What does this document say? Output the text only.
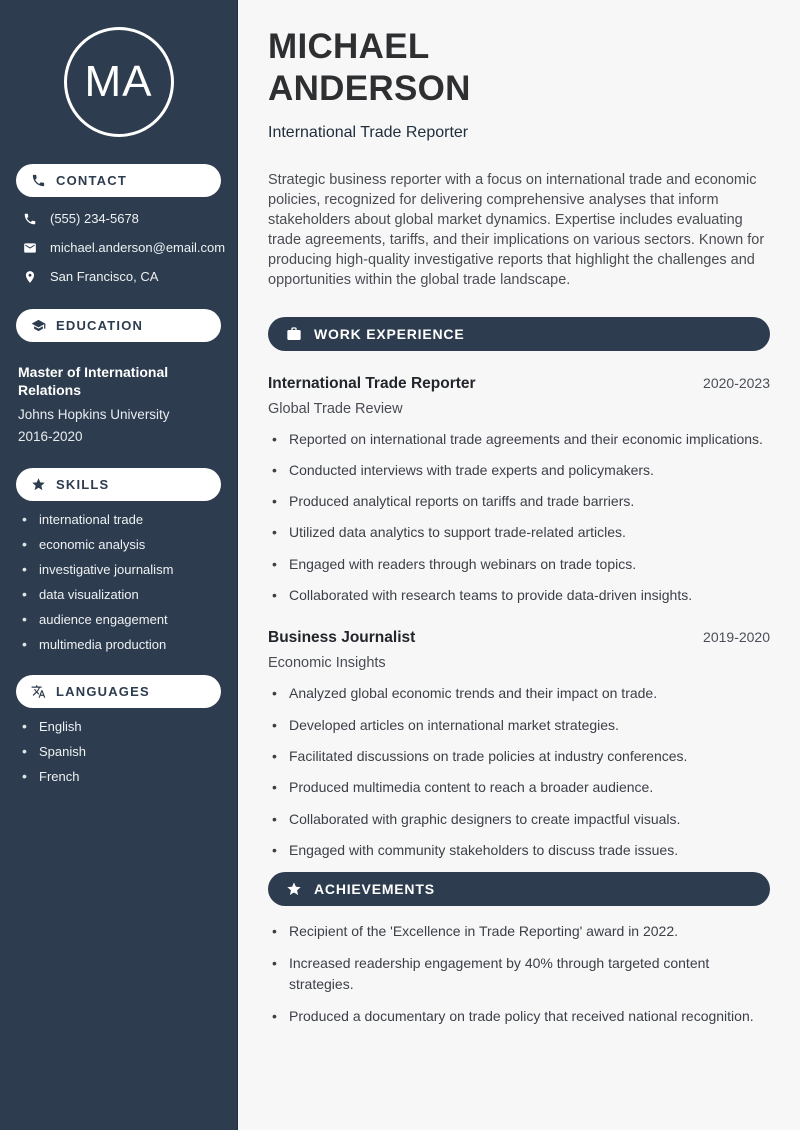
MA
CONTACT
(555) 234-5678
michael.anderson@email.com
San Francisco, CA
EDUCATION
Master of International Relations
Johns Hopkins University
2016-2020
SKILLS
• international trade
• economic analysis
• investigative journalism
• data visualization
• audience engagement
• multimedia production
LANGUAGES
• English
• Spanish
• French
MICHAEL
ANDERSON
International Trade Reporter

Strategic business reporter with a focus on international trade and economic policies, recognized for delivering comprehensive analyses that inform stakeholders about global market dynamics. Expertise includes evaluating trade agreements, tariffs, and their implications on various sectors. Known for producing high-quality investigative reports that highlight the challenges and opportunities within the global trade landscape.

WORK EXPERIENCE
International Trade Reporter	2020-2023
Global Trade Review
• Reported on international trade agreements and their economic implications.
• Conducted interviews with trade experts and policymakers.
• Produced analytical reports on tariffs and trade barriers.
• Utilized data analytics to support trade-related articles.
• Engaged with readers through webinars on trade topics.
• Collaborated with research teams to provide data-driven insights.
Business Journalist	2019-2020
Economic Insights
• Analyzed global economic trends and their impact on trade.
• Developed articles on international market strategies.
• Facilitated discussions on trade policies at industry conferences.
• Produced multimedia content to reach a broader audience.
• Collaborated with graphic designers to create impactful visuals.
• Engaged with community stakeholders to discuss trade issues.
ACHIEVEMENTS
• Recipient of the 'Excellence in Trade Reporting' award in 2022.
• Increased readership engagement by 40% through targeted content strategies.
• Produced a documentary on trade policy that received national recognition.
